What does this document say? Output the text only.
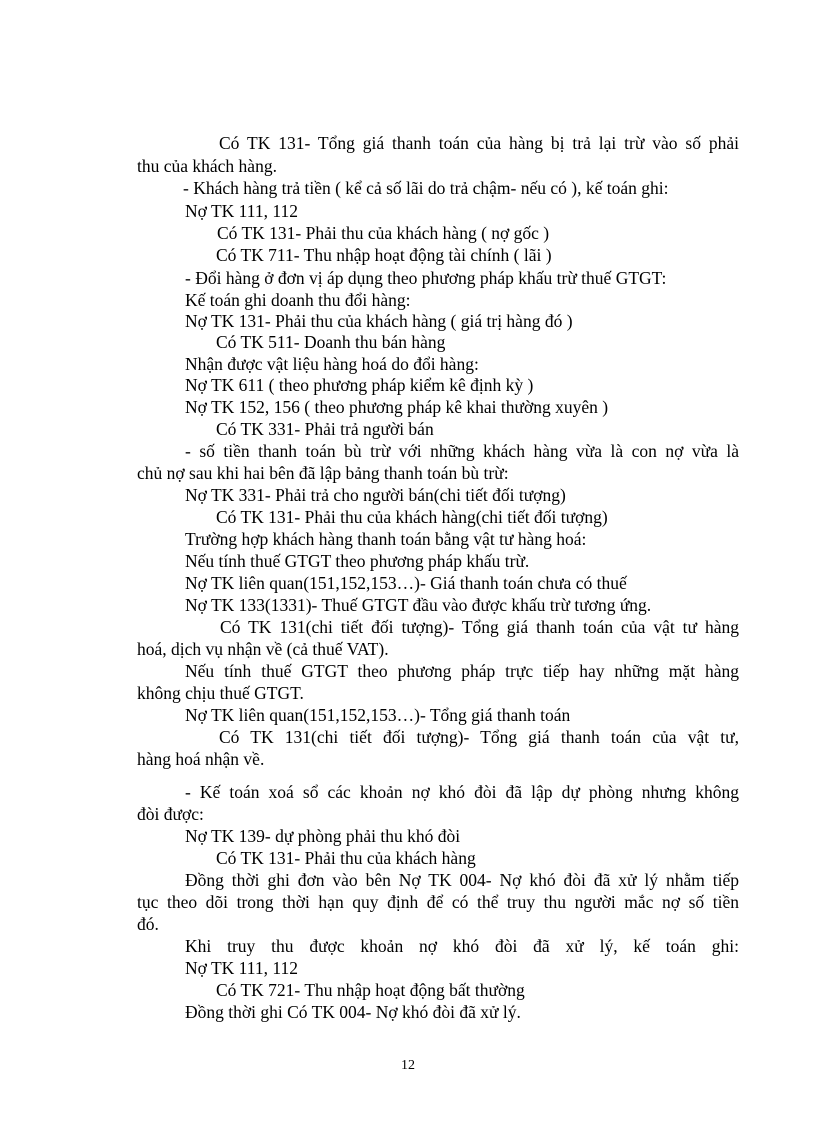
Có TK 131- Tổng giá thanh toán của hàng bị trả lại trừ vào số phải
thu của khách hàng.
- Khách hàng trả tiền ( kể cả số lãi do trả chậm- nếu có ), kế toán ghi:
Nợ TK 111, 112
Có TK 131- Phải thu của khách hàng ( nợ gốc )
Có TK 711- Thu nhập hoạt động tài chính ( lãi )
- Đổi hàng ở đơn vị áp dụng theo phương pháp khấu trừ thuế GTGT:
Kế toán ghi doanh thu đổi hàng:
Nợ TK 131- Phải thu của khách hàng ( giá trị hàng đó )
Có TK 511- Doanh thu bán hàng
Nhận được vật liệu hàng hoá do đổi hàng:
Nợ TK 611 ( theo phương pháp kiểm kê định kỳ )
Nợ TK 152, 156 ( theo phương pháp kê khai thường xuyên )
Có TK 331- Phải trả người bán
- số tiền thanh toán bù trừ với những khách hàng vừa là con nợ vừa là
chủ nợ sau khi hai bên đã lập bảng thanh toán bù trừ:
Nợ TK 331- Phải trả cho người bán(chi tiết đối tượng)
Có TK 131- Phải thu của khách hàng(chi tiết đối tượng)
Trường hợp khách hàng thanh toán bằng vật tư hàng hoá:
Nếu tính thuế GTGT theo phương pháp khấu trừ.
Nợ TK liên quan(151,152,153…)- Giá thanh toán chưa có thuế
Nợ TK 133(1331)- Thuế GTGT đầu vào được khấu trừ tương ứng.
Có TK 131(chi tiết đối tượng)- Tổng giá thanh toán của vật tư hàng
hoá, dịch vụ nhận về (cả thuế VAT).
Nếu tính thuế GTGT theo phương pháp trực tiếp hay những mặt hàng
không chịu thuế GTGT.
Nợ TK liên quan(151,152,153…)- Tổng giá thanh toán
Có TK 131(chi tiết đối tượng)- Tổng giá thanh toán của vật tư,
hàng hoá nhận về.
- Kế toán xoá sổ các khoản nợ khó đòi đã lập dự phòng nhưng không
đòi được:
Nợ TK 139- dự phòng phải thu khó đòi
Có TK 131- Phải thu của khách hàng
Đồng thời ghi đơn vào bên Nợ TK 004- Nợ khó đòi đã xử lý nhằm tiếp
tục theo dõi trong thời hạn quy định để có thể truy thu người mắc nợ số tiền
đó.
Khi truy thu được khoản nợ khó đòi đã xử lý, kế toán ghi:
Nợ TK 111, 112
Có TK 721- Thu nhập hoạt động bất thường
Đồng thời ghi Có TK 004- Nợ khó đòi đã xử lý.
12
